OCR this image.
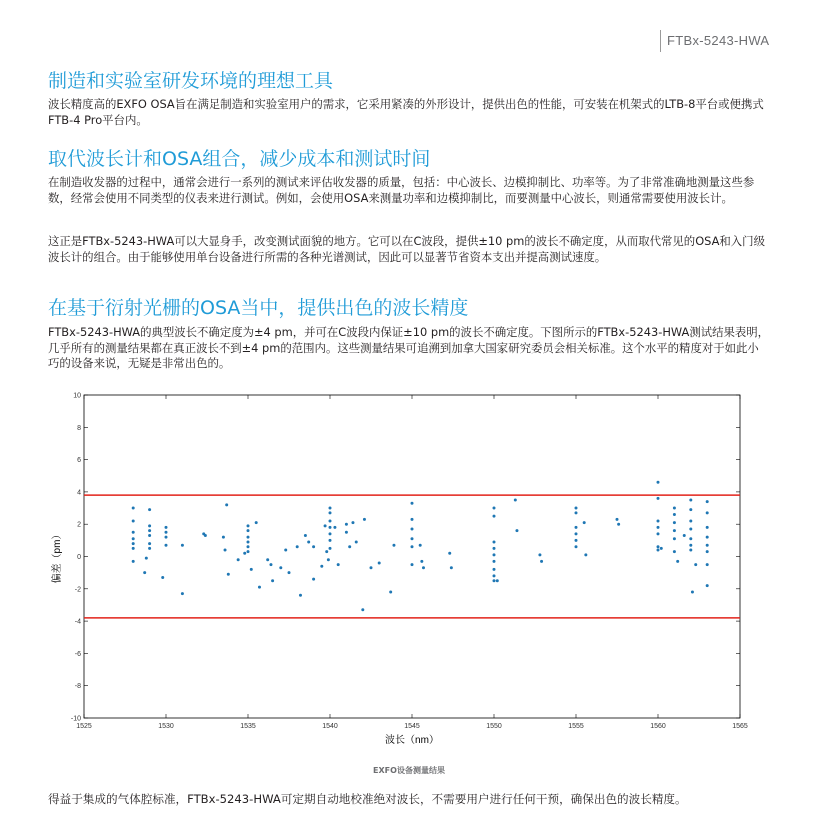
FTBx-5243-HWA
制造和实验室研发环境的理想工具

波长精度高的EXFO OSA旨在满足制造和实验室用户的需求，它采用紧凑的外形设计，提供出色的性能，可安装在机架式的LTB-8平台或便携式FTB-4 Pro平台内。

取代波长计和OSA组合，减少成本和测试时间

在制造收发器的过程中，通常会进行一系列的测试来评估收发器的质量，包括：中心波长、边模抑制比、功率等。为了非常准确地测量这些参数，经常会使用不同类型的仪表来进行测试。例如，会使用OSA来测量功率和边模抑制比，而要测量中心波长，则通常需要使用波长计。

这正是FTBx-5243-HWA可以大显身手，改变测试面貌的地方。它可以在C波段，提供±10 pm的波长不确定度，从而取代常见的OSA和入门级波长计的组合。由于能够使用单台设备进行所需的各种光谱测试，因此可以显著节省资本支出并提高测试速度。

在基于衍射光栅的OSA当中，提供出色的波长精度

FTBx-5243-HWA的典型波长不确定度为±4 pm，并可在C波段内保证±10 pm的波长不确定度。下图所示的FTBx-5243-HWA测试结果表明，几乎所有的测量结果都在真正波长不到±4 pm的范围内。这些测量结果可追溯到加拿大国家研究委员会相关标准。这个水平的精度对于如此小巧的设备来说，无疑是非常出色的。

1525	1530	1535	1540	1545	1550	1555	1560	1565
-10
-8
-6
-4
-2
0
2
4
6
8
10
波长（nm）
偏差（pm）
EXFO设备测量结果
得益于集成的气体腔标准，FTBx-5243-HWA可定期自动地校准绝对波长，不需要用户进行任何干预，确保出色的波长精度。
